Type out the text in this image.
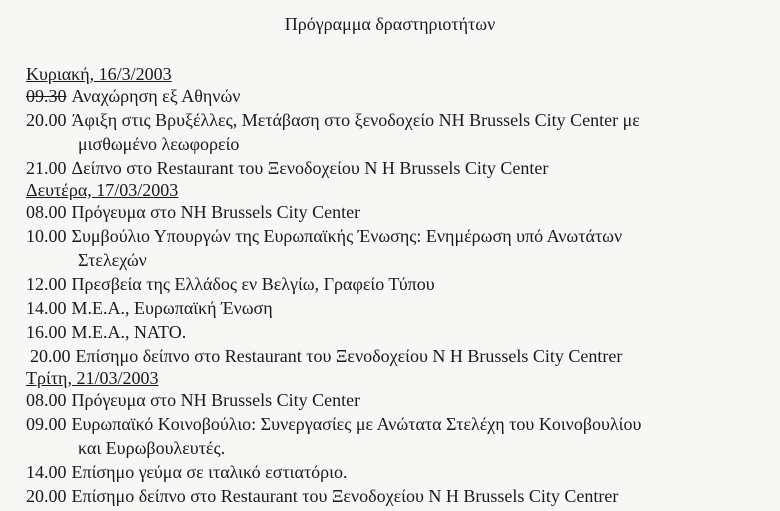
Πρόγραμμα δραστηριοτήτων
Κυριακή, 16/3/2003
09.30 Αναχώρηση εξ Αθηνών
20.00 Άφιξη στις Βρυξέλλες, Μετάβαση στο ξενοδοχείο NH Brussels City Center με
μισθωμένο λεωφορείο
21.00 Δείπνο στο Restaurant του Ξενοδοχείου N H Brussels City Center
Δευτέρα, 17/03/2003
08.00 Πρόγευμα στο NH Brussels City Center
10.00 Συμβούλιο Υπουργών της Ευρωπαϊκής Ένωσης: Ενημέρωση υπό Ανωτάτων
Στελεχών
12.00 Πρεσβεία της Ελλάδος εν Βελγίω, Γραφείο Τύπου
14.00 Μ.Ε.Α., Ευρωπαϊκή Ένωση
16.00 Μ.Ε.Α., ΝΑΤΟ.
20.00 Επίσημο δείπνο στο Restaurant του Ξενοδοχείου N H Brussels City Centrer
Τρίτη, 21/03/2003
08.00 Πρόγευμα στο NH Brussels City Center
09.00 Ευρωπαϊκό Κοινοβούλιο: Συνεργασίες με Ανώτατα Στελέχη του Κοινοβουλίου
και Ευρωβουλευτές.
14.00 Επίσημο γεύμα σε ιταλικό εστιατόριο.
20.00 Επίσημο δείπνο στο Restaurant του Ξενοδοχείου N H Brussels City Centrer
